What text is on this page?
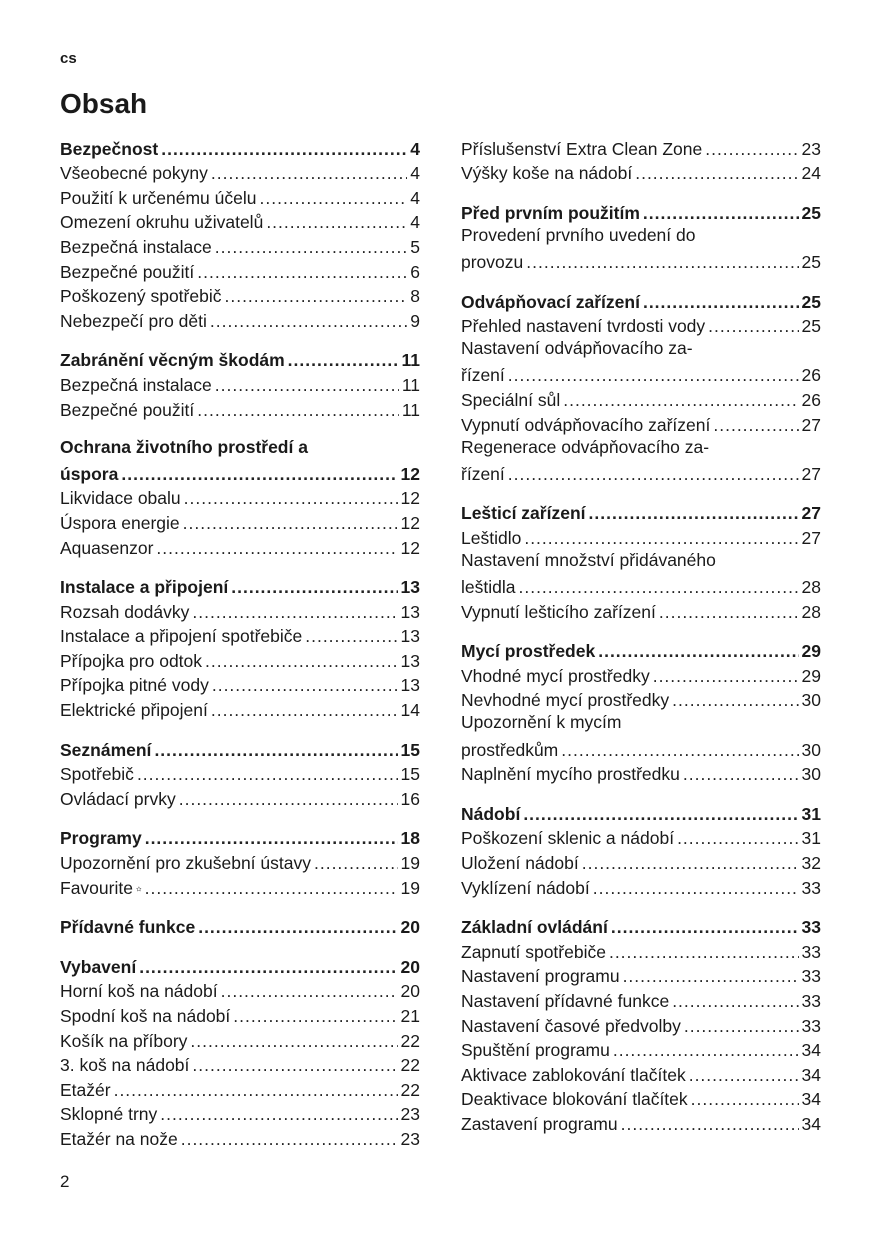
cs
Obsah
Bezpečnost .....	4
Všeobecné pokyny .....	4
Použití k určenému účelu .....	4
Omezení okruhu uživatelů .....	4
Bezpečná instalace .....	5
Bezpečné použití .....	6
Poškozený spotřebič .....	8
Nebezpečí pro děti .....	9
Zabránění věcným škodám .....	11
Bezpečná instalace .....	11
Bezpečné použití .....	11
Ochrana životního prostředí a
úspora .....	12
Likvidace obalu .....	12
Úspora energie .....	12
Aquasenzor .....	12
Instalace a připojení .....	13
Rozsah dodávky .....	13
Instalace a připojení spotřebiče .....	13
Přípojka pro odtok .....	13
Přípojka pitné vody .....	13
Elektrické připojení .....	14
Seznámení .....	15
Spotřebič .....	15
Ovládací prvky .....	16
Programy .....	18
Upozornění pro zkušební ústavy .....	19
Favourite .....	19
Přídavné funkce .....	20
Vybavení .....	20
Horní koš na nádobí .....	20
Spodní koš na nádobí .....	21
Košík na příbory .....	22
3. koš na nádobí .....	22
Etažér .....	22
Sklopné trny .....	23
Etažér na nože .....	23
Příslušenství Extra Clean Zone .....	23
Výšky koše na nádobí .....	24
Před prvním použitím .....	25
Provedení prvního uvedení do
provozu .....	25
Odvápňovací zařízení .....	25
Přehled nastavení tvrdosti vody .....	25
Nastavení odvápňovacího za-
řízení .....	26
Speciální sůl .....	26
Vypnutí odvápňovacího zařízení .....	27
Regenerace odvápňovacího za-
řízení .....	27
Lešticí zařízení .....	27
Leštidlo .....	27
Nastavení množství přidávaného
leštidla .....	28
Vypnutí lešticího zařízení .....	28
Mycí prostředek .....	29
Vhodné mycí prostředky .....	29
Nevhodné mycí prostředky .....	30
Upozornění k mycím
prostředkům .....	30
Naplnění mycího prostředku .....	30
Nádobí .....	31
Poškození sklenic a nádobí .....	31
Uložení nádobí .....	32
Vyklízení nádobí .....	33
Základní ovládání .....	33
Zapnutí spotřebiče .....	33
Nastavení programu .....	33
Nastavení přídavné funkce .....	33
Nastavení časové předvolby .....	33
Spuštění programu .....	34
Aktivace zablokování tlačítek .....	34
Deaktivace blokování tlačítek .....	34
Zastavení programu .....	34
2
